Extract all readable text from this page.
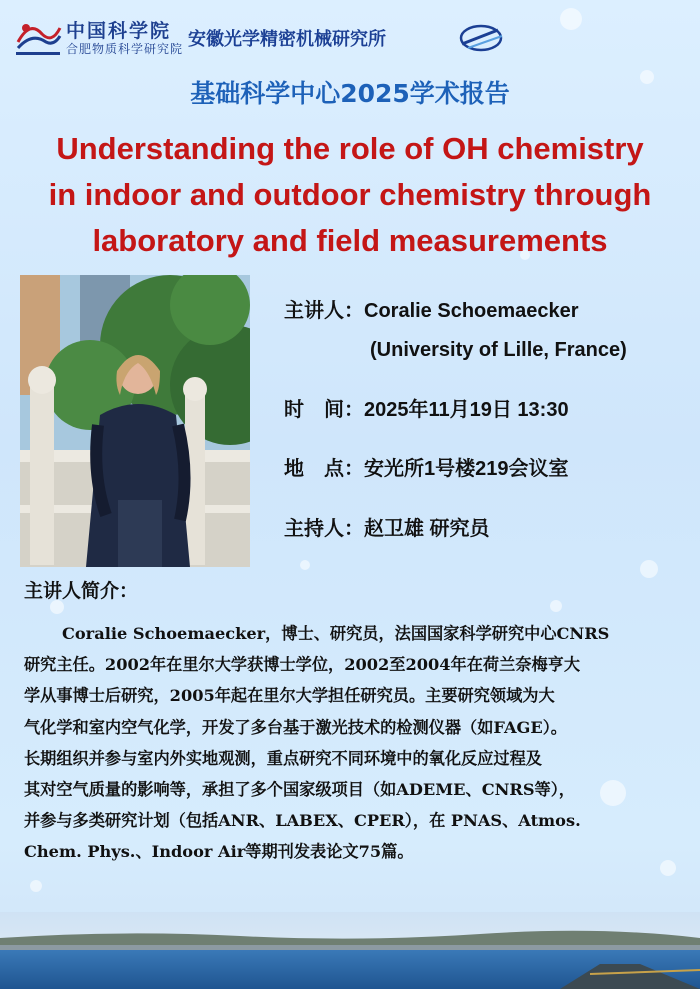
中国科学院
合肥物质科学研究院 安徽光学精密机械研究所
基础科学中心2025学术报告
Understanding the role of OH chemistry
in indoor and outdoor chemistry through
laboratory and field measurements
主讲人：Coralie Schoemaecker
(University of Lille, France)
时间：2025年11月19日 13:30
地点：安光所1号楼219会议室
主持人：赵卫雄 研究员
主讲人简介：
Coralie Schoemaecker，博士、研究员，法国国家科学研究中心CNRS
研究主任。2002年在里尔大学获博士学位，2002至2004年在荷兰奈梅亨大
学从事博士后研究，2005年起在里尔大学担任研究员。主要研究领域为大
气化学和室内空气化学，开发了多台基于激光技术的检测仪器（如FAGE）。
长期组织并参与室内外实地观测，重点研究不同环境中的氧化反应过程及
其对空气质量的影响等，承担了多个国家级项目（如ADEME、CNRS等），
并参与多类研究计划（包括ANR、LABEX、CPER），在 PNAS、Atmos.
Chem. Phys.、Indoor Air等期刊发表论文75篇。
